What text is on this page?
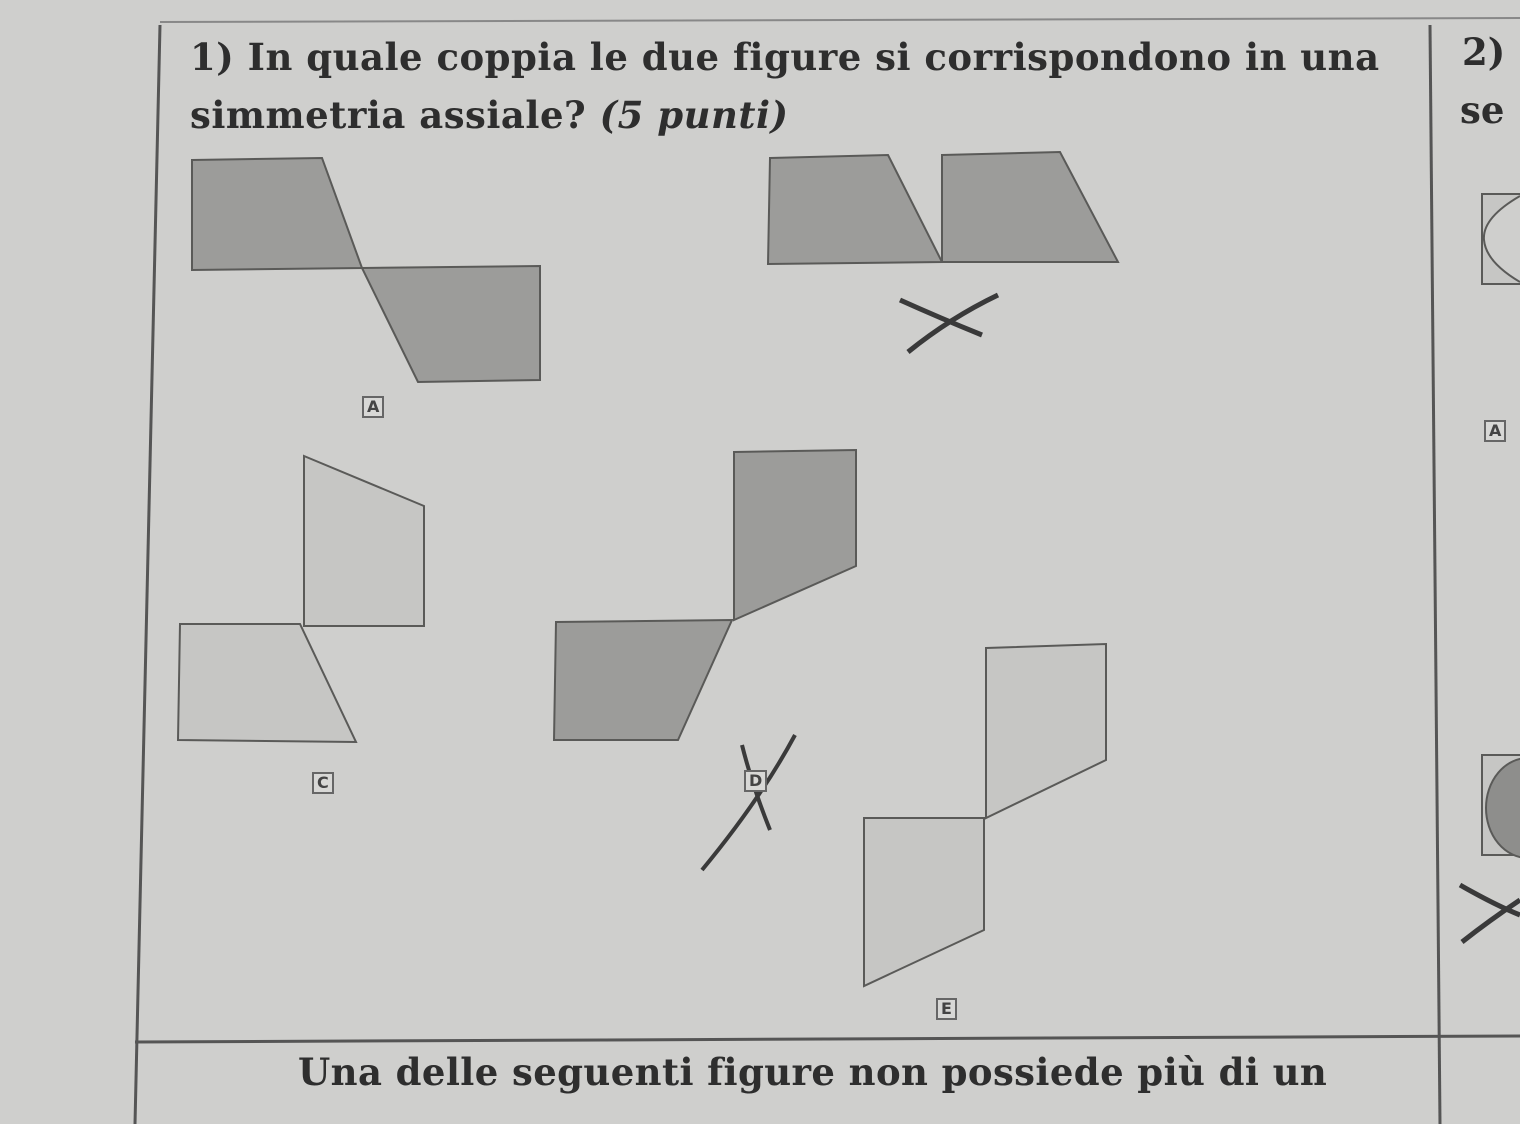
1) In quale coppia le due figure si corrispondono in una simmetria assiale? (5 punti)
2)
se
A
C	D
E
A
Una delle seguenti figure non possiede più di un
